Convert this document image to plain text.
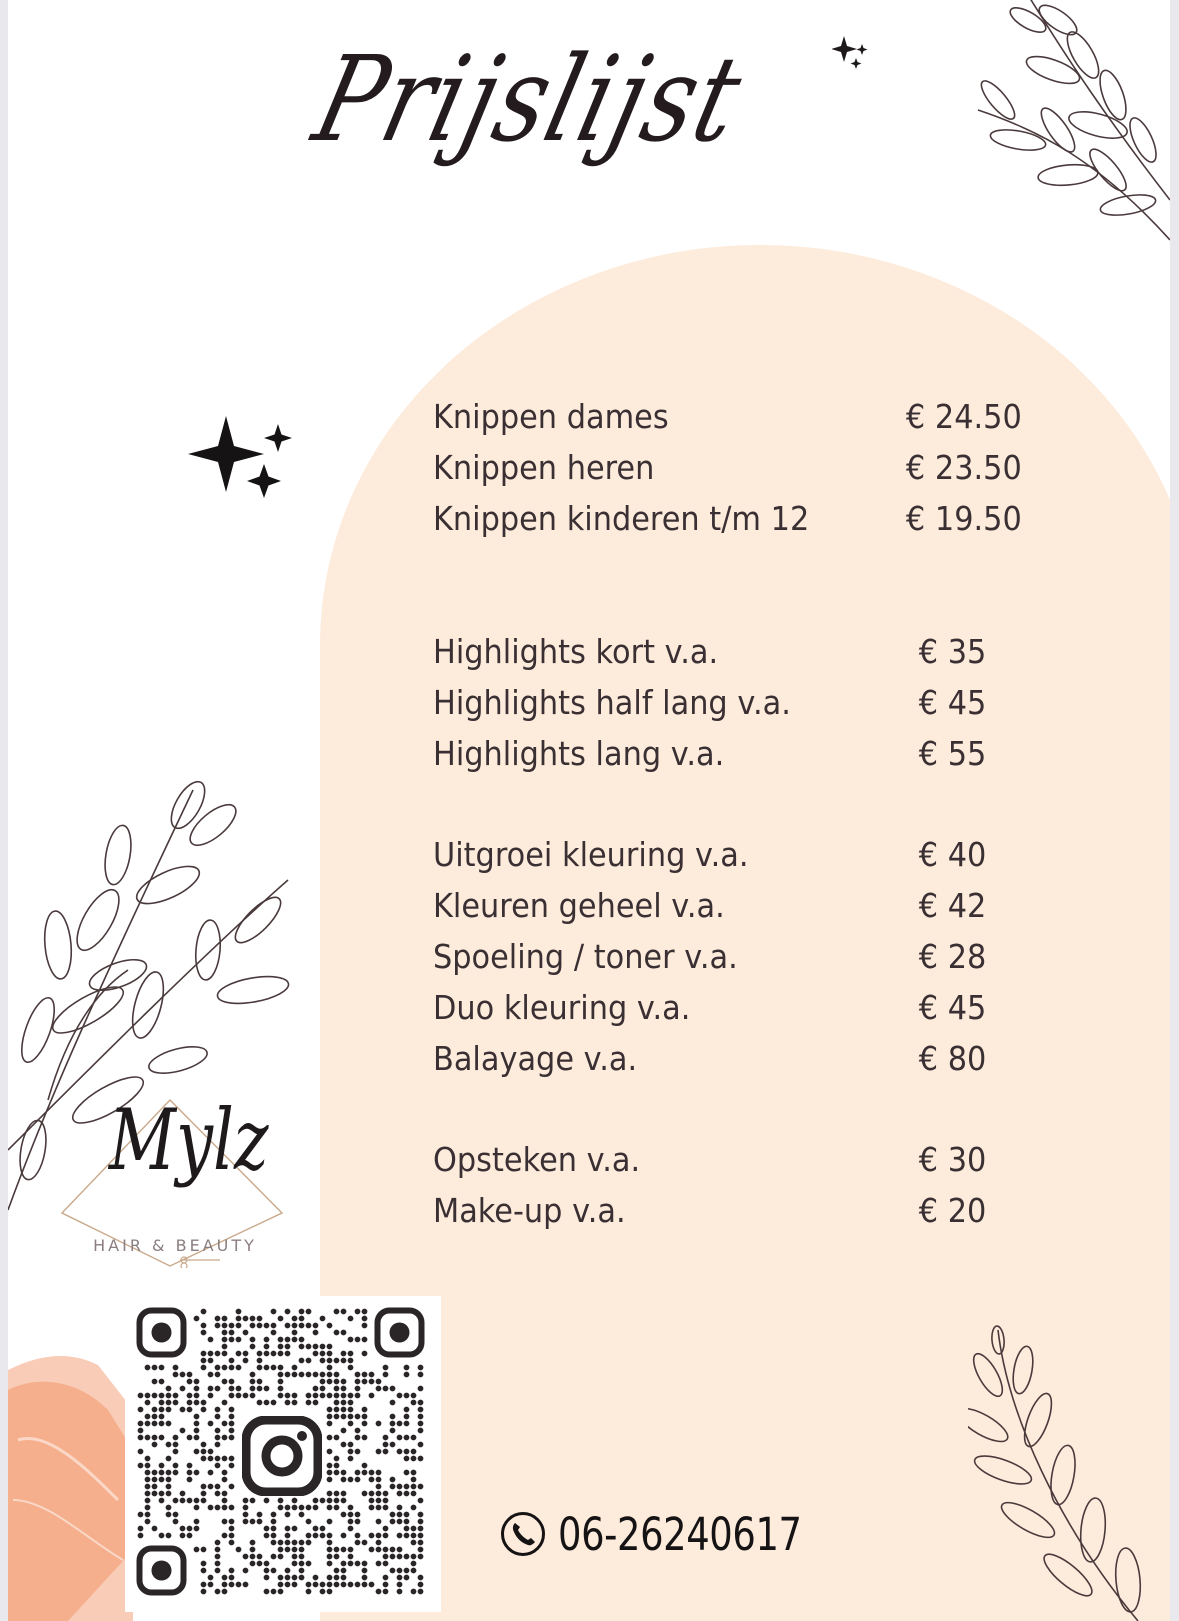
Prijslijst
Knippen dames	€ 24.50
Knippen heren	€ 23.50
Knippen kinderen t/m 12	€ 19.50
Highlights kort v.a.	€ 35
Highlights half lang v.a.	€ 45
Highlights lang v.a.	€ 55
Uitgroei kleuring v.a.	€ 40
Kleuren geheel v.a.	€ 42
Spoeling / toner v.a.	€ 28
Duo kleuring v.a.	€ 45
Balayage v.a.	€ 80
Opsteken v.a.	€ 30
Make-up v.a.	€ 20
Mylz
HAIR & BEAUTY
06-26240617
